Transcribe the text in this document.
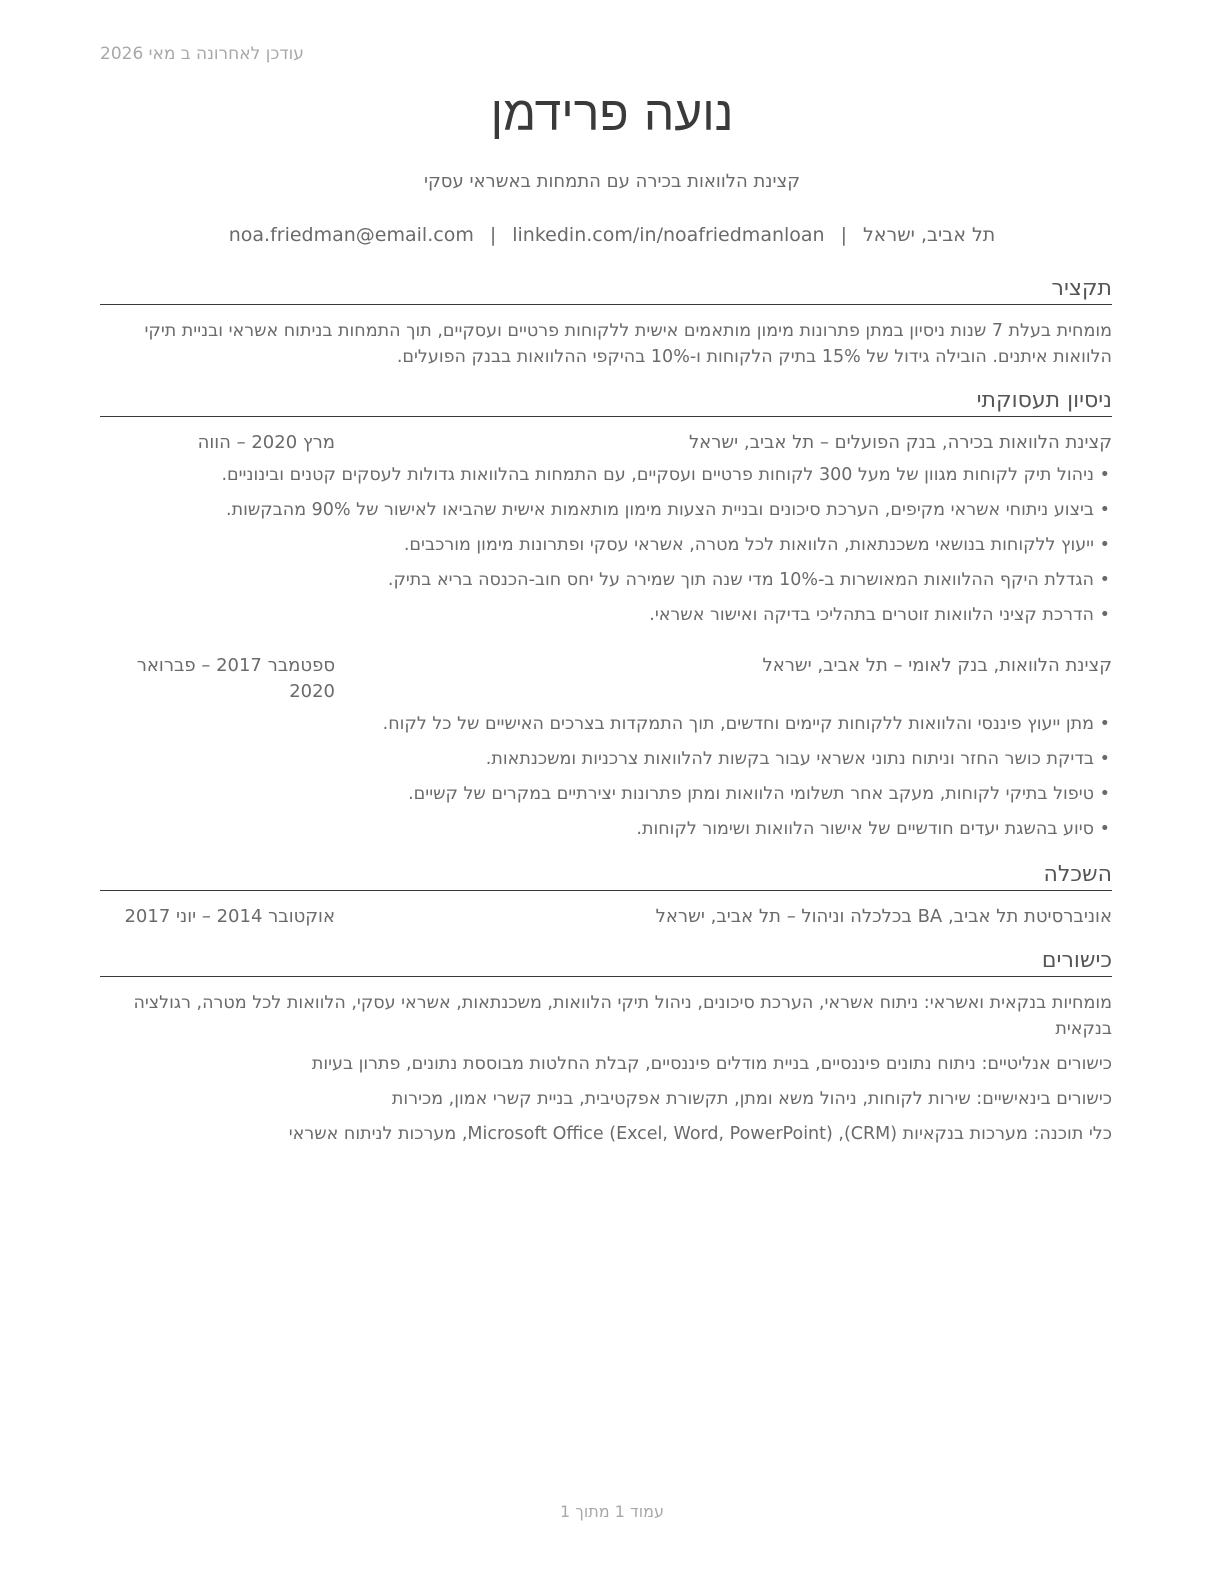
עודכן לאחרונה ב מאי 2026
נועה פרידמן
קצינת הלוואות בכירה עם התמחות באשראי עסקי
תל אביב, ישראל|noa.friedman@email.com | linkedin.com/in/noafriedmanloan
תקציר
מומחית בעלת 7 שנות ניסיון במתן פתרונות מימון מותאמים אישית ללקוחות פרטיים ועסקיים, תוך התמחות בניתוח אשראי ובניית תיקי הלוואות איתנים. הובילה גידול של 15% בתיק הלקוחות ו-10% בהיקפי ההלוואות בבנק הפועלים.
ניסיון תעסוקתי
קצינת הלוואות בכירה, בנק הפועלים – תל אביב, ישראל
מרץ 2020 – הווה
• ניהול תיק לקוחות מגוון של מעל 300 לקוחות פרטיים ועסקיים, עם התמחות בהלוואות גדולות לעסקים קטנים ובינוניים.
• ביצוע ניתוחי אשראי מקיפים, הערכת סיכונים ובניית הצעות מימון מותאמות אישית שהביאו לאישור של 90% מהבקשות.
• ייעוץ ללקוחות בנושאי משכנתאות, הלוואות לכל מטרה, אשראי עסקי ופתרונות מימון מורכבים.
• הגדלת היקף ההלוואות המאושרות ב-10% מדי שנה תוך שמירה על יחס חוב-הכנסה בריא בתיק.
• הדרכת קציני הלוואות זוטרים בתהליכי בדיקה ואישור אשראי.
קצינת הלוואות, בנק לאומי – תל אביב, ישראל
ספטמבר 2017 – פברואר 2020
• מתן ייעוץ פיננסי והלוואות ללקוחות קיימים וחדשים, תוך התמקדות בצרכים האישיים של כל לקוח.
• בדיקת כושר החזר וניתוח נתוני אשראי עבור בקשות להלוואות צרכניות ומשכנתאות.
• טיפול בתיקי לקוחות, מעקב אחר תשלומי הלוואות ומתן פתרונות יצירתיים במקרים של קשיים.
• סיוע בהשגת יעדים חודשיים של אישור הלוואות ושימור לקוחות.
השכלה
אוניברסיטת תל אביב, BA בכלכלה וניהול – תל אביב, ישראל
אוקטובר 2014 – יוני 2017
כישורים
מומחיות בנקאית ואשראי: ניתוח אשראי, הערכת סיכונים, ניהול תיקי הלוואות, משכנתאות, אשראי עסקי, הלוואות לכל מטרה, רגולציה בנקאית
כישורים אנליטיים: ניתוח נתונים פיננסיים, בניית מודלים פיננסיים, קבלת החלטות מבוססת נתונים, פתרון בעיות
כישורים בינאישיים: שירות לקוחות, ניהול משא ומתן, תקשורת אפקטיבית, בניית קשרי אמון, מכירות
כלי תוכנה: מערכות בנקאיות (CRM), Microsoft Office (Excel, Word, PowerPoint), מערכות לניתוח אשראי
עמוד 1 מתוך 1
